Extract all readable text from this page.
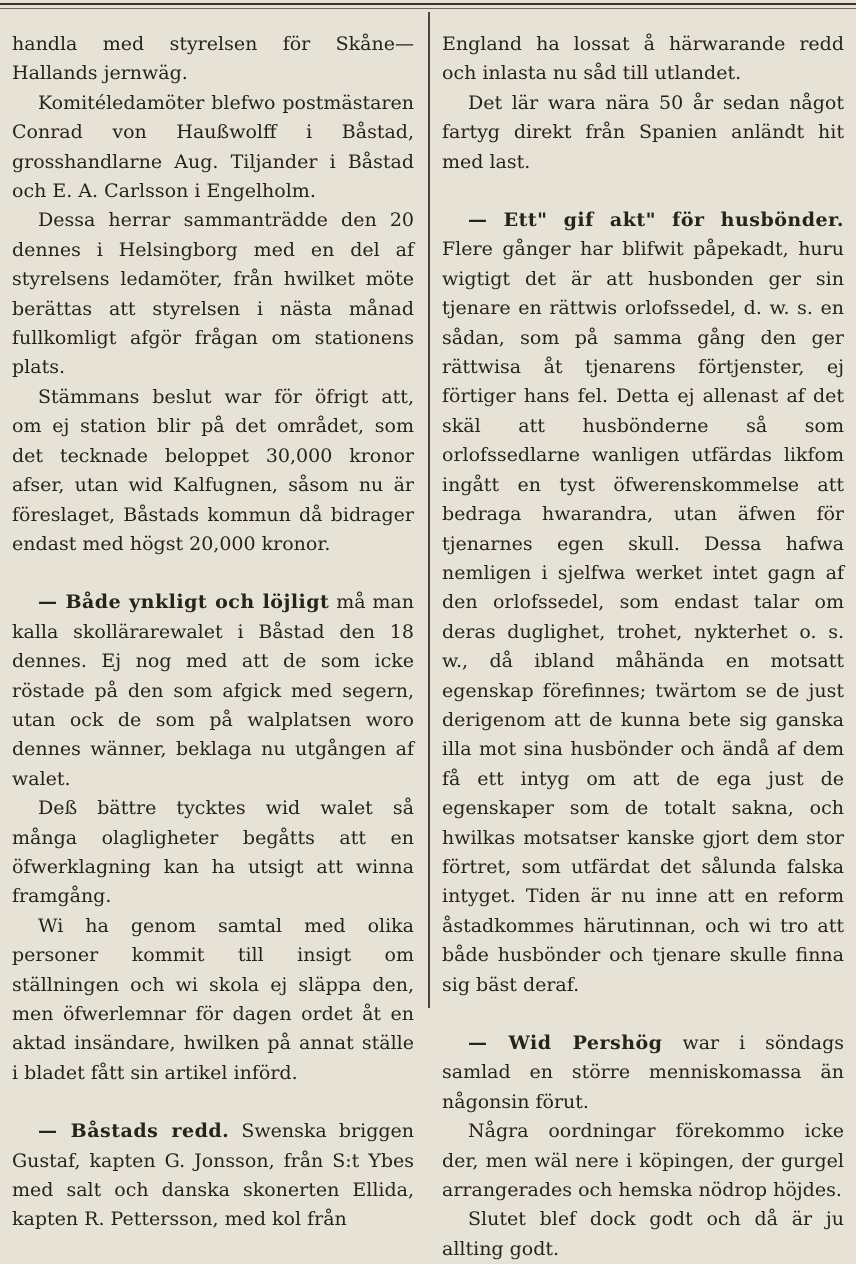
handla med styrelsen för Skåne—Hallands jernwäg.

Komitéledamöter blefwo postmästaren Conrad von Haußwolff i Båstad, grosshandlarne Aug. Tiljander i Båstad och E. A. Carlsson i Engelholm.

Dessa herrar sammanträdde den 20 dennes i Helsingborg med en del af styrelsens ledamöter, från hwilket möte berättas att styrelsen i nästa månad fullkomligt afgör frågan om stationens plats.

Stämmans beslut war för öfrigt att, om ej station blir på det området, som det tecknade beloppet 30,000 kronor afser, utan wid Kalfugnen, såsom nu är föreslaget, Båstads kommun då bidrager endast med högst 20,000 kronor.

— Både ynkligt och löjligt må man kalla skollärarewalet i Båstad den 18 dennes. Ej nog med att de som icke röstade på den som afgick med segern, utan ock de som på walplatsen woro dennes wänner, beklaga nu utgången af walet.

Deß bättre tycktes wid walet så många olagligheter begåtts att en öfwerklagning kan ha utsigt att winna framgång.

Wi ha genom samtal med olika personer kommit till insigt om ställningen och wi skola ej släppa den, men öfwerlemnar för dagen ordet åt en aktad insändare, hwilken på annat ställe i bladet fått sin artikel införd.

— Båstads redd. Swenska briggen Gustaf, kapten G. Jonsson, från S:t Ybes med salt och danska skonerten Ellida, kapten R. Pettersson, med kol från

England ha lossat å härwarande redd och inlasta nu såd till utlandet.

Det lär wara nära 50 år sedan något fartyg direkt från Spanien anländt hit med last.

— Ett" gif akt" för husbönder. Flere gånger har blifwit påpekadt, huru wigtigt det är att husbonden ger sin tjenare en rättwis orlofssedel, d. w. s. en sådan, som på samma gång den ger rättwisa åt tjenarens förtjenster, ej förtiger hans fel. Detta ej allenast af det skäl att husbönderne så som orlofssedlarne wanligen utfärdas likfom ingått en tyst öfwerenskommelse att bedraga hwarandra, utan äfwen för tjenarnes egen skull. Dessa hafwa nemligen i sjelfwa werket intet gagn af den orlofssedel, som endast talar om deras duglighet, trohet, nykterhet o. s. w., då ibland måhända en motsatt egenskap förefinnes; twärtom se de just derigenom att de kunna bete sig ganska illa mot sina husbönder och ändå af dem få ett intyg om att de ega just de egenskaper som de totalt sakna, och hwilkas motsatser kanske gjort dem stor förtret, som utfärdat det sålunda falska intyget. Tiden är nu inne att en reform åstadkommes härutinnan, och wi tro att både husbönder och tjenare skulle finna sig bäst deraf.

— Wid Pershög war i söndags samlad en större menniskomassa än någonsin förut.

Några oordningar förekommo icke der, men wäl nere i köpingen, der gurgel arrangerades och hemska nödrop höjdes.

Slutet blef dock godt och då är ju allting godt.
